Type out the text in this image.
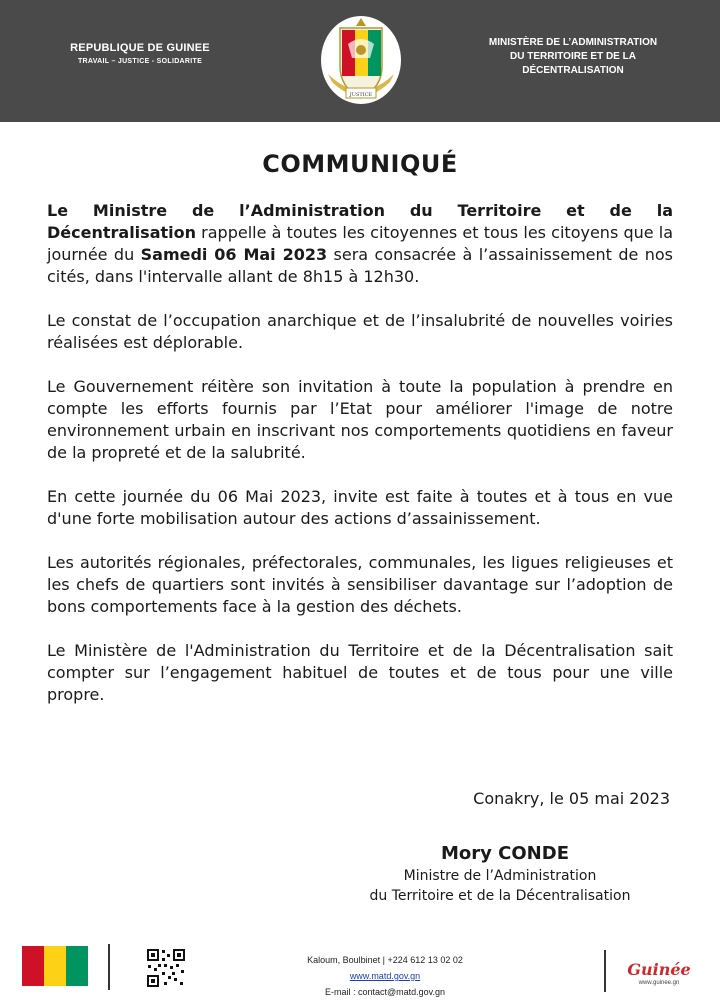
REPUBLIQUE DE GUINEE
TRAVAIL – JUSTICE - SOLIDARITE
JUSTICE
MINISTÈRE DE L’ADMINISTRATION
DU TERRITOIRE ET DE LA
DÉCENTRALISATION
COMMUNIQUÉ

Le Ministre de l’Administration du Territoire et de la Décentralisation rappelle à toutes les citoyennes et tous les citoyens que la journée du Samedi 06 Mai 2023 sera consacrée à l’assainissement de nos cités, dans l'intervalle allant de 8h15 à 12h30.

Le constat de l’occupation anarchique et de l’insalubrité de nouvelles voiries réalisées est déplorable.

Le Gouvernement réitère son invitation à toute la population à prendre en compte les efforts fournis par l’Etat pour améliorer l'image de notre environnement urbain en inscrivant nos comportements quotidiens en faveur de la propreté et de la salubrité.

En cette journée du 06 Mai 2023, invite est faite à toutes et à tous en vue d'une forte mobilisation autour des actions d’assainissement.

Les autorités régionales, préfectorales, communales, les ligues religieuses et les chefs de quartiers sont invités à sensibiliser davantage sur l’adoption de bons comportements face à la gestion des déchets.

Le Ministère de l'Administration du Territoire et de la Décentralisation sait compter sur l’engagement habituel de toutes et de tous pour une ville propre.

Conakry, le 05 mai 2023
Mory CONDE
Ministre de l’Administration
du Territoire et de la Décentralisation
Kaloum, Boulbinet | +224 612 13 02 02
www.matd.gov.gn
E-mail : contact@matd.gov.gn
Guinée
www.guinee.gn
